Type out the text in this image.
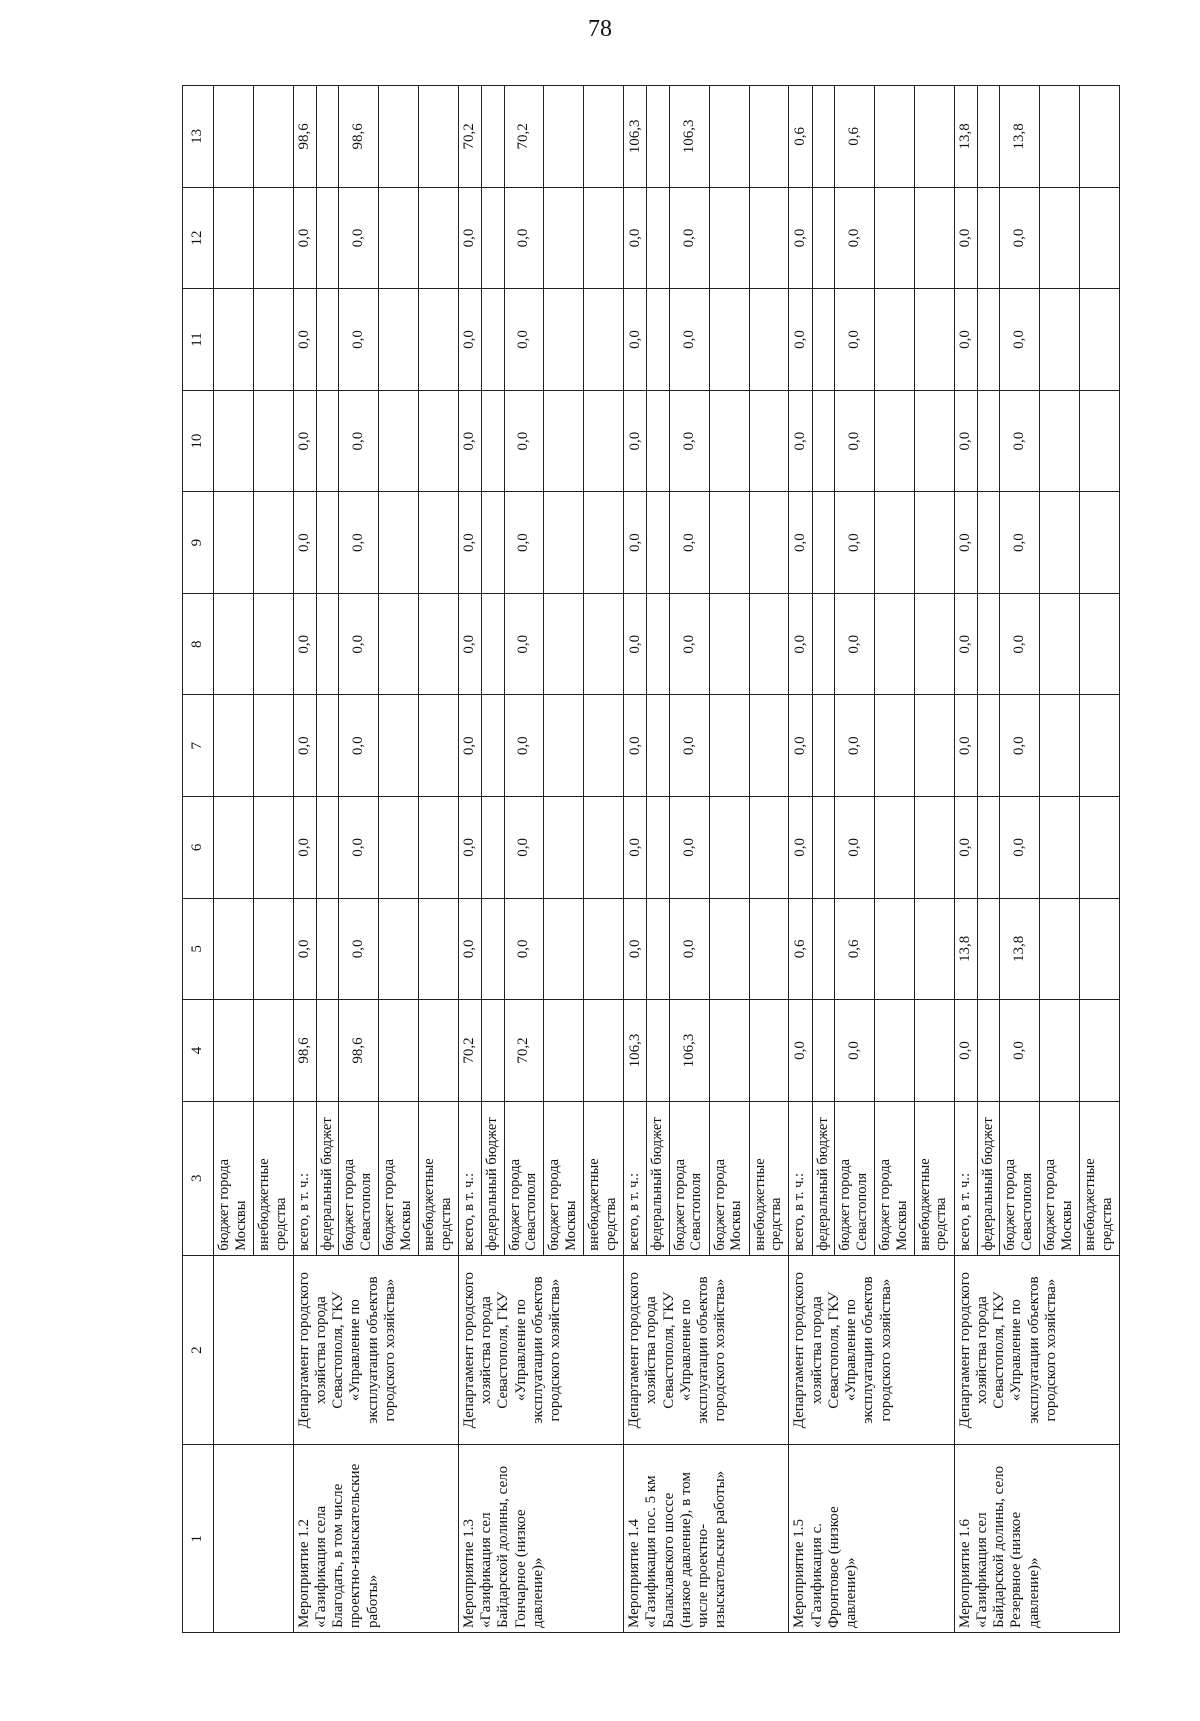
78
1	2	3	4	5	6	7	8	9	10	11	12	13
		бюджет города Москвы										
		внебюджетные средства										
Мероприятие 1.2 «Газификация села Благодать, в том числе проектно-изыскательские работы»	Департамент городского хозяйства города Севастополя, ГКУ «Управление по эксплуатации объектов городского хозяйства»	всего, в т. ч.:	98,6	0,0	0,0	0,0	0,0	0,0	0,0	0,0	0,0	98,6
		федеральный бюджет										
		бюджет города Севастополя	98,6	0,0	0,0	0,0	0,0	0,0	0,0	0,0	0,0	98,6
		бюджет города Москвы										
		внебюджетные средства										
Мероприятие 1.3 «Газификация сел Байдарской долины, село Гончарное (низкое давление)»	Департамент городского хозяйства города Севастополя, ГКУ «Управление по эксплуатации объектов городского хозяйства»	всего, в т. ч.:	70,2	0,0	0,0	0,0	0,0	0,0	0,0	0,0	0,0	70,2
		федеральный бюджет										
		бюджет города Севастополя	70,2	0,0	0,0	0,0	0,0	0,0	0,0	0,0	0,0	70,2
		бюджет города Москвы										
		внебюджетные средства										
Мероприятие 1.4 «Газификация пос. 5 км Балаклавского шоссе (низкое давление), в том числе проектно-изыскательские работы»	Департамент городского хозяйства города Севастополя, ГКУ «Управление по эксплуатации объектов городского хозяйства»	всего, в т. ч.:	106,3	0,0	0,0	0,0	0,0	0,0	0,0	0,0	0,0	106,3
		федеральный бюджет										
		бюджет города Севастополя	106,3	0,0	0,0	0,0	0,0	0,0	0,0	0,0	0,0	106,3
		бюджет города Москвы										
		внебюджетные средства										
Мероприятие 1.5 «Газификация с. Фронтовое (низкое давление)»	Департамент городского хозяйства города Севастополя, ГКУ «Управление по эксплуатации объектов городского хозяйства»	всего, в т. ч.:	0,0	0,6	0,0	0,0	0,0	0,0	0,0	0,0	0,0	0,6
		федеральный бюджет										
		бюджет города Севастополя	0,0	0,6	0,0	0,0	0,0	0,0	0,0	0,0	0,0	0,6
		бюджет города Москвы										
		внебюджетные средства										
Мероприятие 1.6 «Газификация сел Байдарской долины, село Резервное (низкое давление)»	Департамент городского хозяйства города Севастополя, ГКУ «Управление по эксплуатации объектов городского хозяйства»	всего, в т. ч.:	0,0	13,8	0,0	0,0	0,0	0,0	0,0	0,0	0,0	13,8
		федеральный бюджет										
		бюджет города Севастополя	0,0	13,8	0,0	0,0	0,0	0,0	0,0	0,0	0,0	13,8
		бюджет города Москвы										
		внебюджетные средства										
